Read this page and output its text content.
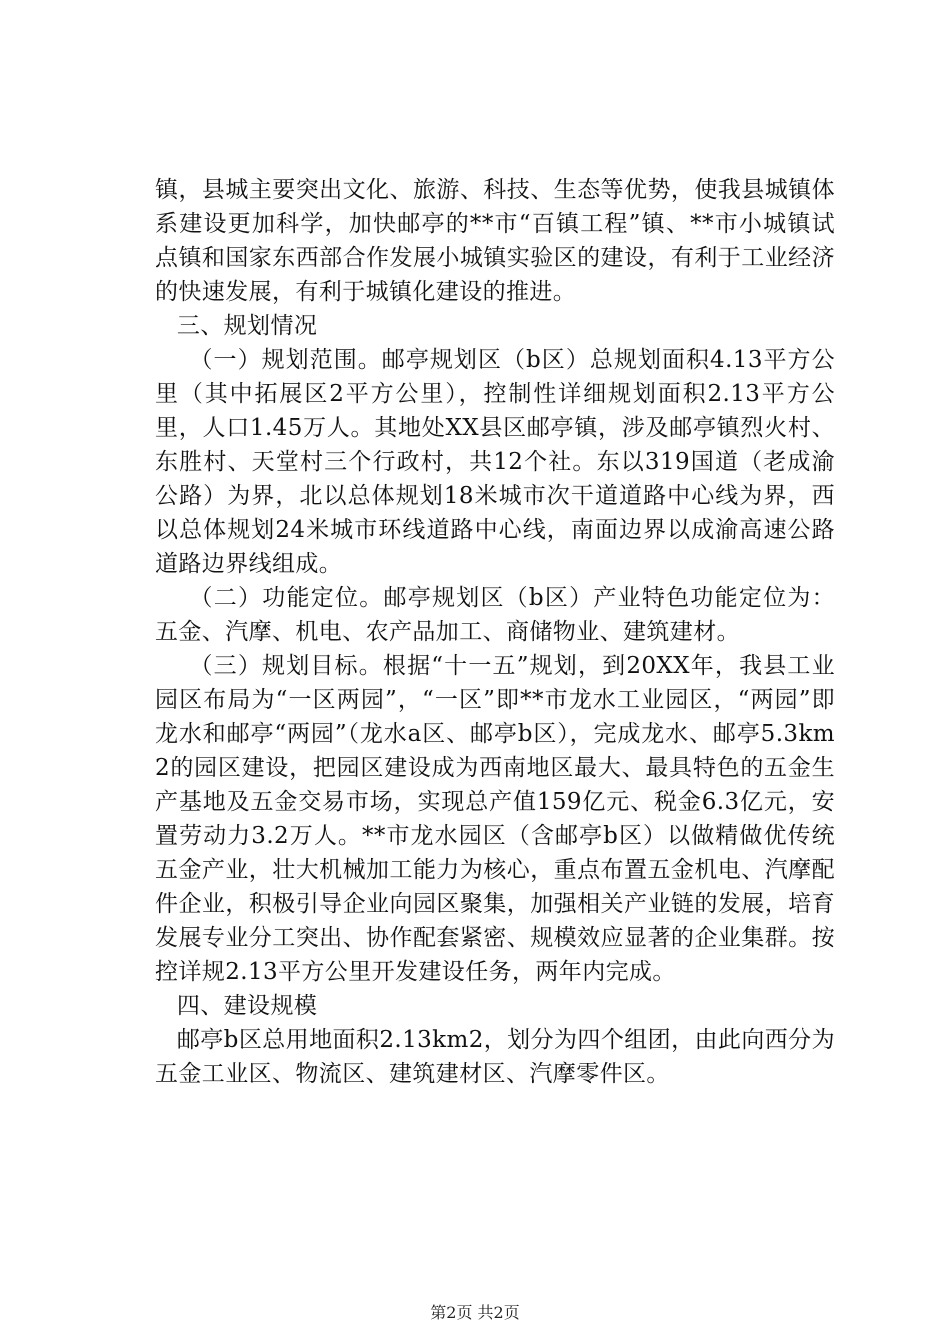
镇，县城主要突出文化、旅游、科技、生态等优势，使我县城镇体系建设更加科学，加快邮亭的**市“百镇工程”镇、**市小城镇试点镇和国家东西部合作发展小城镇实验区的建设，有利于工业经济的快速发展，有利于城镇化建设的推进。

三、规划情况

（一）规划范围。邮亭规划区（b区）总规划面积4.13平方公里（其中拓展区2平方公里），控制性详细规划面积2.13平方公里，人口1.45万人。其地处XX县区邮亭镇，涉及邮亭镇烈火村、东胜村、天堂村三个行政村，共12个社。东以319国道（老成渝公路）为界，北以总体规划18米城市次干道道路中心线为界，西以总体规划24米城市环线道路中心线，南面边界以成渝高速公路道路边界线组成。

（二）功能定位。邮亭规划区（b区）产业特色功能定位为：五金、汽摩、机电、农产品加工、商储物业、建筑建材。

（三）规划目标。根据“十一五”规划，到20XX年，我县工业园区布局为“一区两园”，“一区”即**市龙水工业园区，“两园”即龙水和邮亭“两园”（龙水a区、邮亭b区），完成龙水、邮亭5.3km2的园区建设，把园区建设成为西南地区最大、最具特色的五金生产基地及五金交易市场，实现总产值159亿元、税金6.3亿元，安置劳动力3.2万人。**市龙水园区（含邮亭b区）以做精做优传统五金产业，壮大机械加工能力为核心，重点布置五金机电、汽摩配件企业，积极引导企业向园区聚集，加强相关产业链的发展，培育发展专业分工突出、协作配套紧密、规模效应显著的企业集群。按控详规2.13平方公里开发建设任务，两年内完成。

四、建设规模

邮亭b区总用地面积2.13km2，划分为四个组团，由此向西分为五金工业区、物流区、建筑建材区、汽摩零件区。

第2页 共2页
